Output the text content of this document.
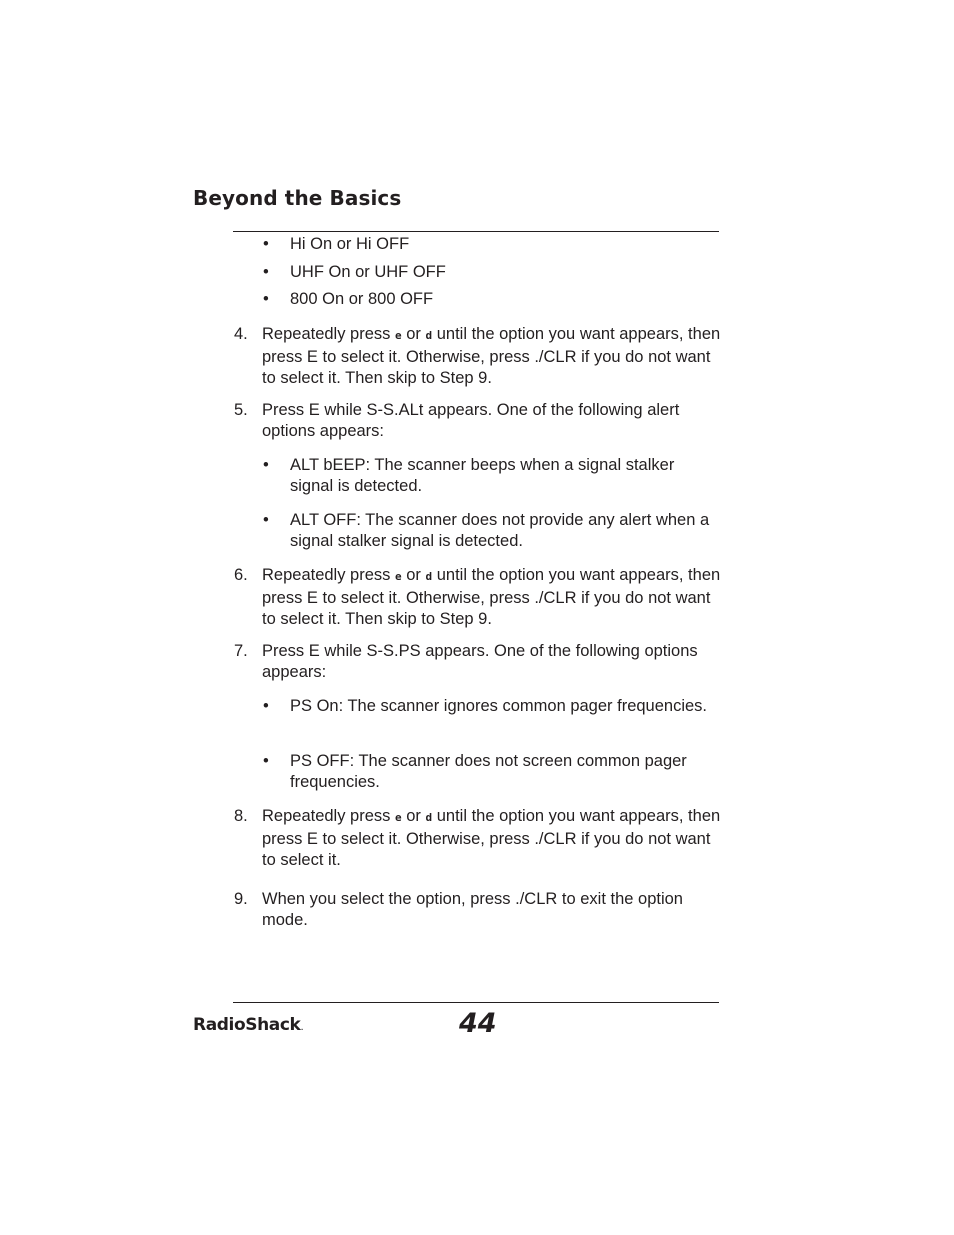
Beyond the Basics
• Hi On or Hi OFF
• UHF On or UHF OFF
• 800 On or 800 OFF
4. Repeatedly press e or d until the option you want appears, then press E to select it. Otherwise, press ./CLR if you do not want to select it. Then skip to Step 9.
5. Press E while S-S.ALt appears. One of the following alert options appears:
• ALT bEEP: The scanner beeps when a signal stalker signal is detected.
• ALT OFF: The scanner does not provide any alert when a signal stalker signal is detected.
6. Repeatedly press e or d until the option you want appears, then press E to select it. Otherwise, press ./CLR if you do not want to select it. Then skip to Step 9.
7. Press E while S-S.PS appears. One of the following options appears:
• PS On: The scanner ignores common pager frequencies.
• PS OFF: The scanner does not screen common pager frequencies.
8. Repeatedly press e or d until the option you want appears, then press E to select it. Otherwise, press ./CLR if you do not want to select it.
9. When you select the option, press ./CLR to exit the option mode.
RadioShack.	44
